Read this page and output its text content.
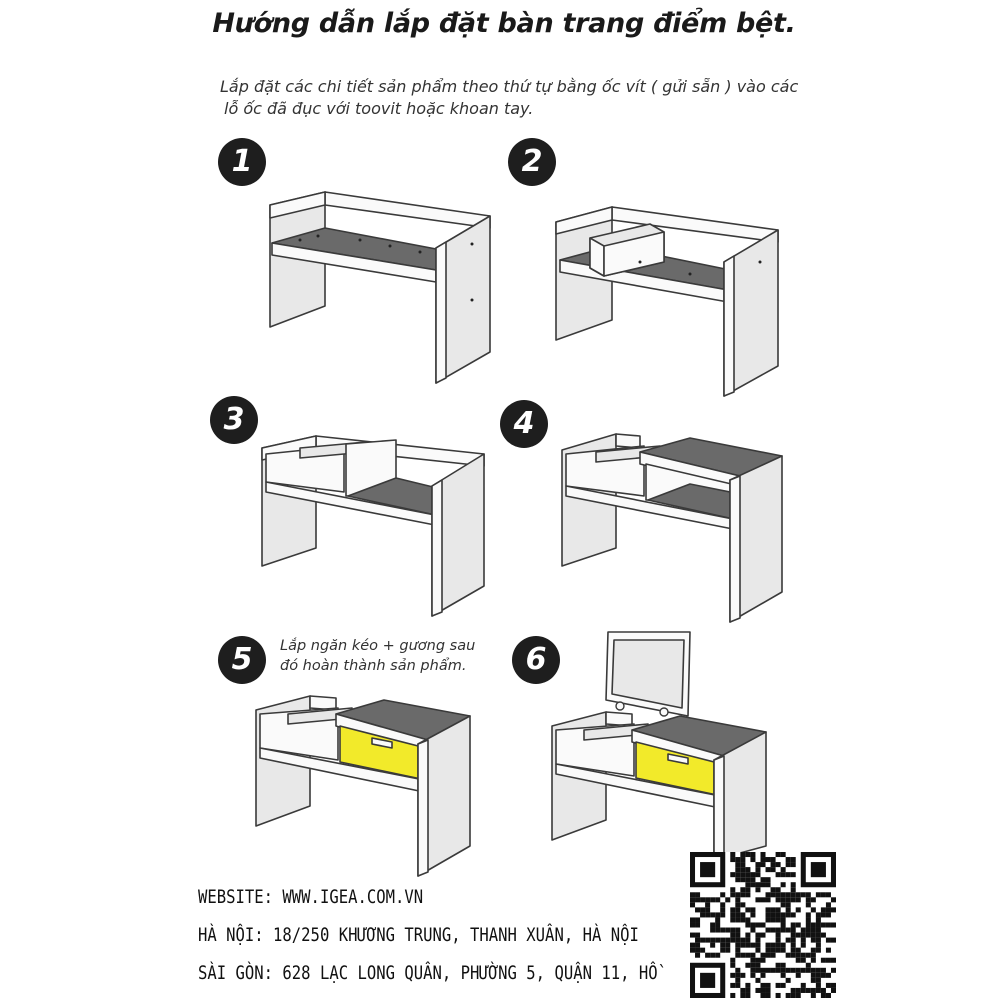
Hướng dẫn lắp đặt bàn trang điểm bệt.
Lắp đặt các chi tiết sản phẩm theo thứ tự bằng ốc vít ( gửi sẵn ) vào các
lỗ ốc đã đục với toovit hoặc khoan tay.
1	2
3	4
5	6
Lắp ngăn kéo + gương sau
đó hoàn thành sản phẩm.
WEBSITE: WWW.IGEA.COM.VN
HÀ NỘI: 18/250 KHƯƠNG TRUNG, THANH XUÂN, HÀ NỘI
SÀI GÒN: 628 LẠC LONG QUÂN, PHƯỜNG 5, QUẬN 11, HỒ
